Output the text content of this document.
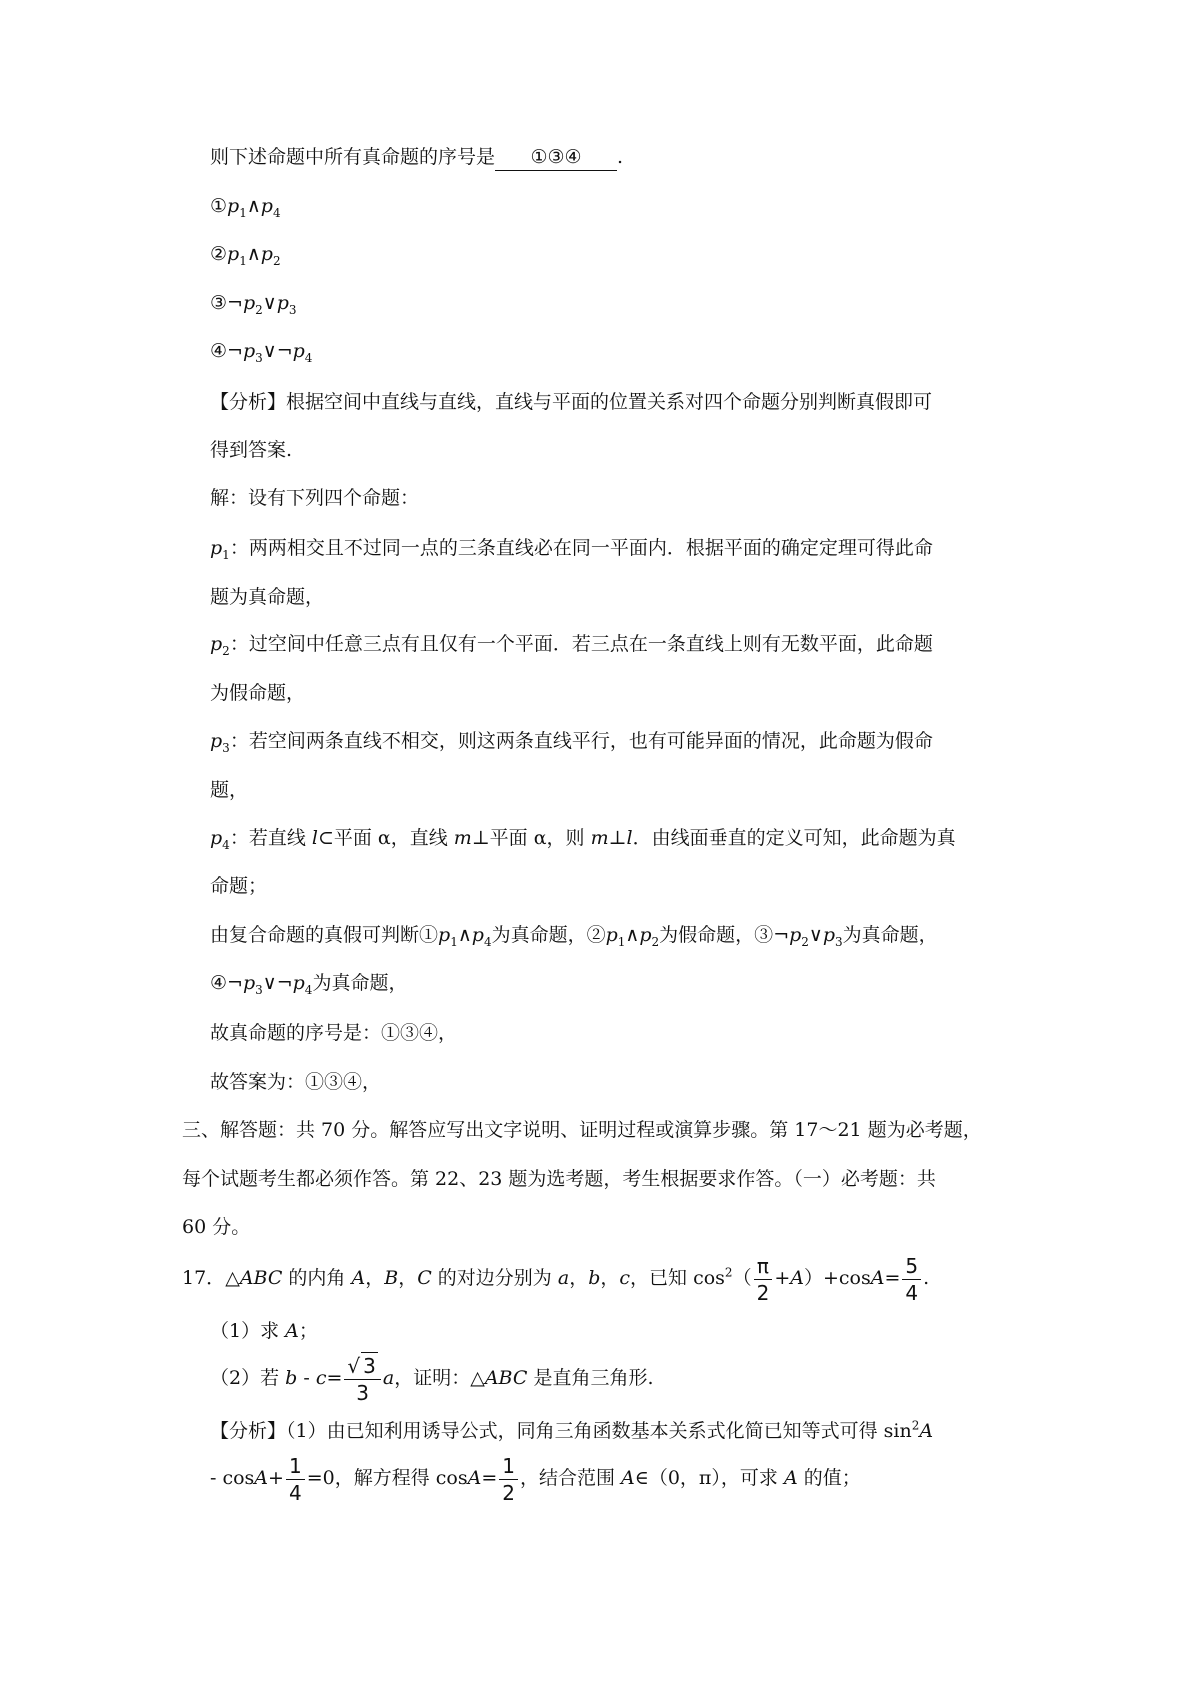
则下述命题中所有真命题的序号是 ①③④ .
$①p_1\wedge p_4$
$②p_1\wedge p_2$
$③\neg p_2\vee p_3$
$④\neg p_3\vee\neg p_4$
【分析】根据空间中直线与直线，直线与平面的位置关系对四个命题分别判断真假即可
得到答案.
解：设有下列四个命题：
$p_1$：两两相交且不过同一点的三条直线必在同一平面内．根据平面的确定定理可得此命
题为真命题，
$p_2$：过空间中任意三点有且仅有一个平面．若三点在一条直线上则有无数平面，此命题
为假命题，
$p_3$：若空间两条直线不相交，则这两条直线平行，也有可能异面的情况，此命题为假命
题，
$p_4$：若直线 l⊂平面 α，直线 m⊥平面 α，则 m⊥l．由线面垂直的定义可知，此命题为真
命题；
由复合命题的真假可判断$①p_1\wedge p_4$为真命题，$②p_1\wedge p_2$为假命题，$③\neg p_2\vee p_3$为真命题，
$④\neg p_3\vee\neg p_4$为真命题，
故真命题的序号是：①③④，
故答案为：①③④，
三、解答题：共 70 分。解答应写出文字说明、证明过程或演算步骤。第 17～21 题为必考题，
每个试题考生都必须作答。第 22、23 题为选考题，考生根据要求作答。（一）必考题：共
60 分。
17．△ABC 的内角 A，B，C 的对边分别为 a，b，c，已知 $\cos^2( \frac{\pi}{2} +A)+\cos A= \frac{5}{4}$ .
（1）求 A；
（2）若 $b - c= \frac{√ 3}{3}$ a，证明：△ABC 是直角三角形.
【分析】（1）由已知利用诱导公式，同角三角函数基本关系式化简已知等式可得 $\sin^2A$
- $\cos A+ \frac{1}{4} =0$，解方程得 $\cos A= \frac{1}{2}$ ，结合范围 A∈（0，π），可求 A 的值；
